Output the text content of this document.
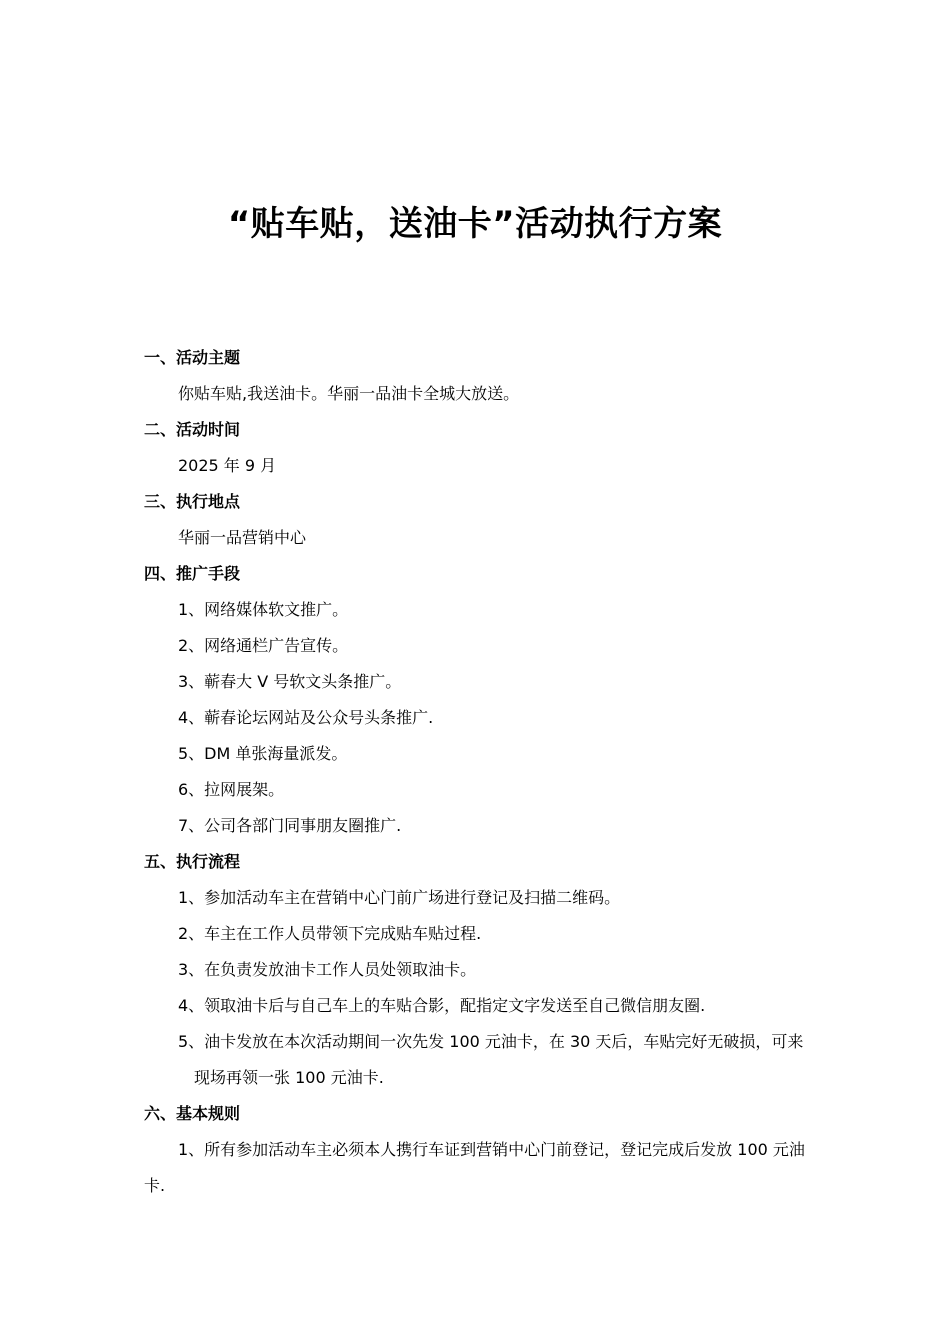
“贴车贴，送油卡”活动执行方案
一、活动主题
你贴车贴,我送油卡。华丽一品油卡全城大放送。
二、活动时间
2025 年 9 月
三、执行地点
华丽一品营销中心
四、推广手段
1、网络媒体软文推广。
2、网络通栏广告宣传。
3、蕲春大 V 号软文头条推广。
4、蕲春论坛网站及公众号头条推广.
5、DM 单张海量派发。
6、拉网展架。
7、公司各部门同事朋友圈推广.
五、执行流程
1、参加活动车主在营销中心门前广场进行登记及扫描二维码。
2、车主在工作人员带领下完成贴车贴过程.
3、在负责发放油卡工作人员处领取油卡。
4、领取油卡后与自己车上的车贴合影，配指定文字发送至自己微信朋友圈.
5、油卡发放在本次活动期间一次先发 100 元油卡，在 30 天后，车贴完好无破损，可来现场再领一张 100 元油卡.
六、基本规则
1、所有参加活动车主必须本人携行车证到营销中心门前登记，登记完成后发放 100 元油卡.
